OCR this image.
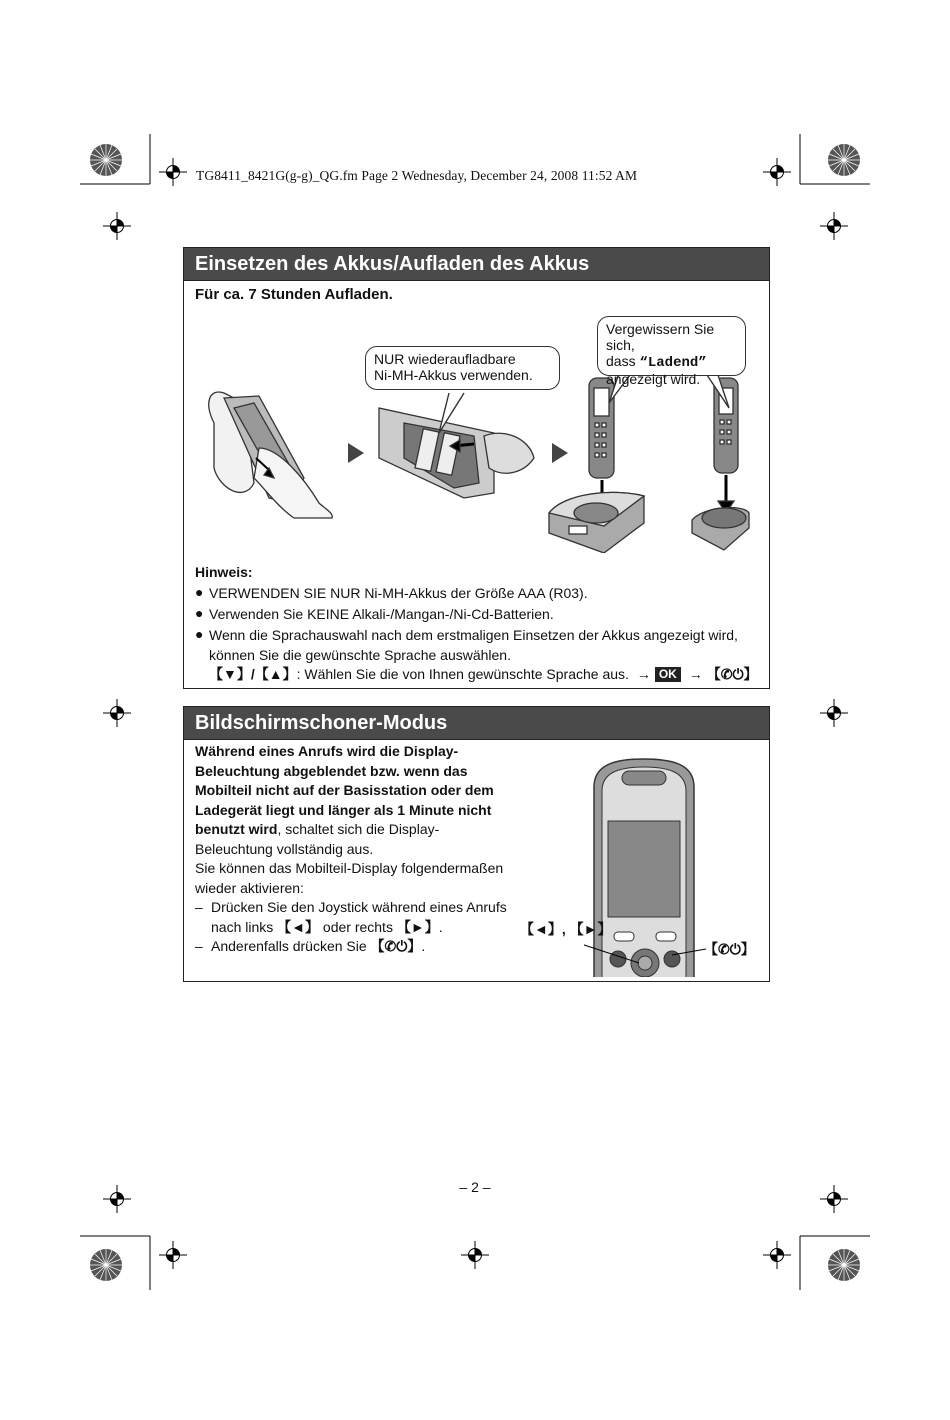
TG8411_8421G(g-g)_QG.fm Page 2 Wednesday, December 24, 2008 11:52 AM
Einsetzen des Akkus/Aufladen des Akkus
Für ca. 7 Stunden Aufladen.
NUR wiederaufladbare
Ni-MH-Akkus verwenden.
Vergewissern Sie sich,
dass “Ladend”
angezeigt wird.
Hinweis:
● VERWENDEN SIE NUR Ni-MH-Akkus der Größe AAA (R03).
● Verwenden Sie KEINE Alkali-/Mangan-/Ni-Cd-Batterien.
● Wenn die Sprachauswahl nach dem erstmaligen Einsetzen der Akkus angezeigt wird,
können Sie die gewünschte Sprache auswählen.
【▼】/【▲】: Wählen Sie die von Ihnen gewünschte Sprache aus. → OK → 【✆⏻】
Bildschirmschoner-Modus
Während eines Anrufs wird die Display-
Beleuchtung abgeblendet bzw. wenn das
Mobilteil nicht auf der Basisstation oder dem
Ladegerät liegt und länger als 1 Minute nicht
benutzt wird, schaltet sich die Display-
Beleuchtung vollständig aus.
Sie können das Mobilteil-Display folgendermaßen
wieder aktivieren:
– Drücken Sie den Joystick während eines Anrufs
nach links 【◄】 oder rechts 【►】.
– Anderenfalls drücken Sie 【✆⏻】.
【◄】, 【►】
【✆⏻】
– 2 –
